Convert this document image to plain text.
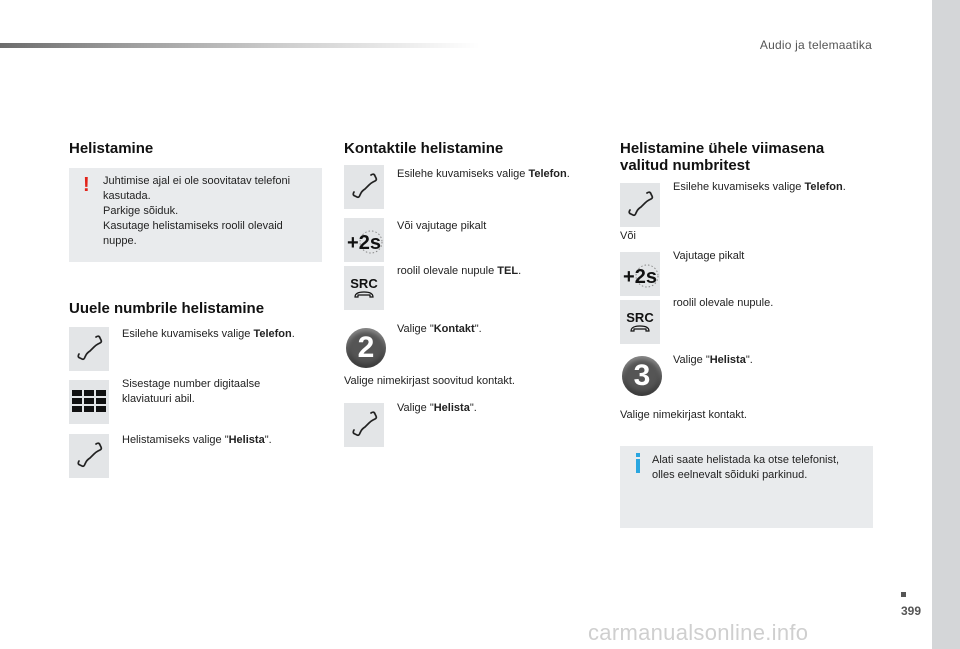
Audio ja telemaatika
Helistamine
! Juhtimise ajal ei ole soovitatav telefoni
kasutada.
Parkige sõiduk.
Kasutage helistamiseks roolil olevaid
nuppe.
Uuele numbrile helistamine
Esilehe kuvamiseks valige Telefon.
Sisestage number digitaalse
klaviatuuri abil.
Helistamiseks valige "Helista".
Kontaktile helistamine
Esilehe kuvamiseks valige Telefon.
+2s
Või vajutage pikalt
SRC
roolil olevale nupule TEL.
2
Valige "Kontakt".
Valige nimekirjast soovitud kontakt.
Valige "Helista".
Helistamine ühele viimasena
valitud numbritest
Esilehe kuvamiseks valige Telefon.
Või
+2s
Vajutage pikalt
SRC
roolil olevale nupule.
3	Valige "Helista".
Valige nimekirjast kontakt.
Alati saate helistada ka otse telefonist,
olles eelnevalt sõiduki parkinud.
399
carmanualsonline.info
